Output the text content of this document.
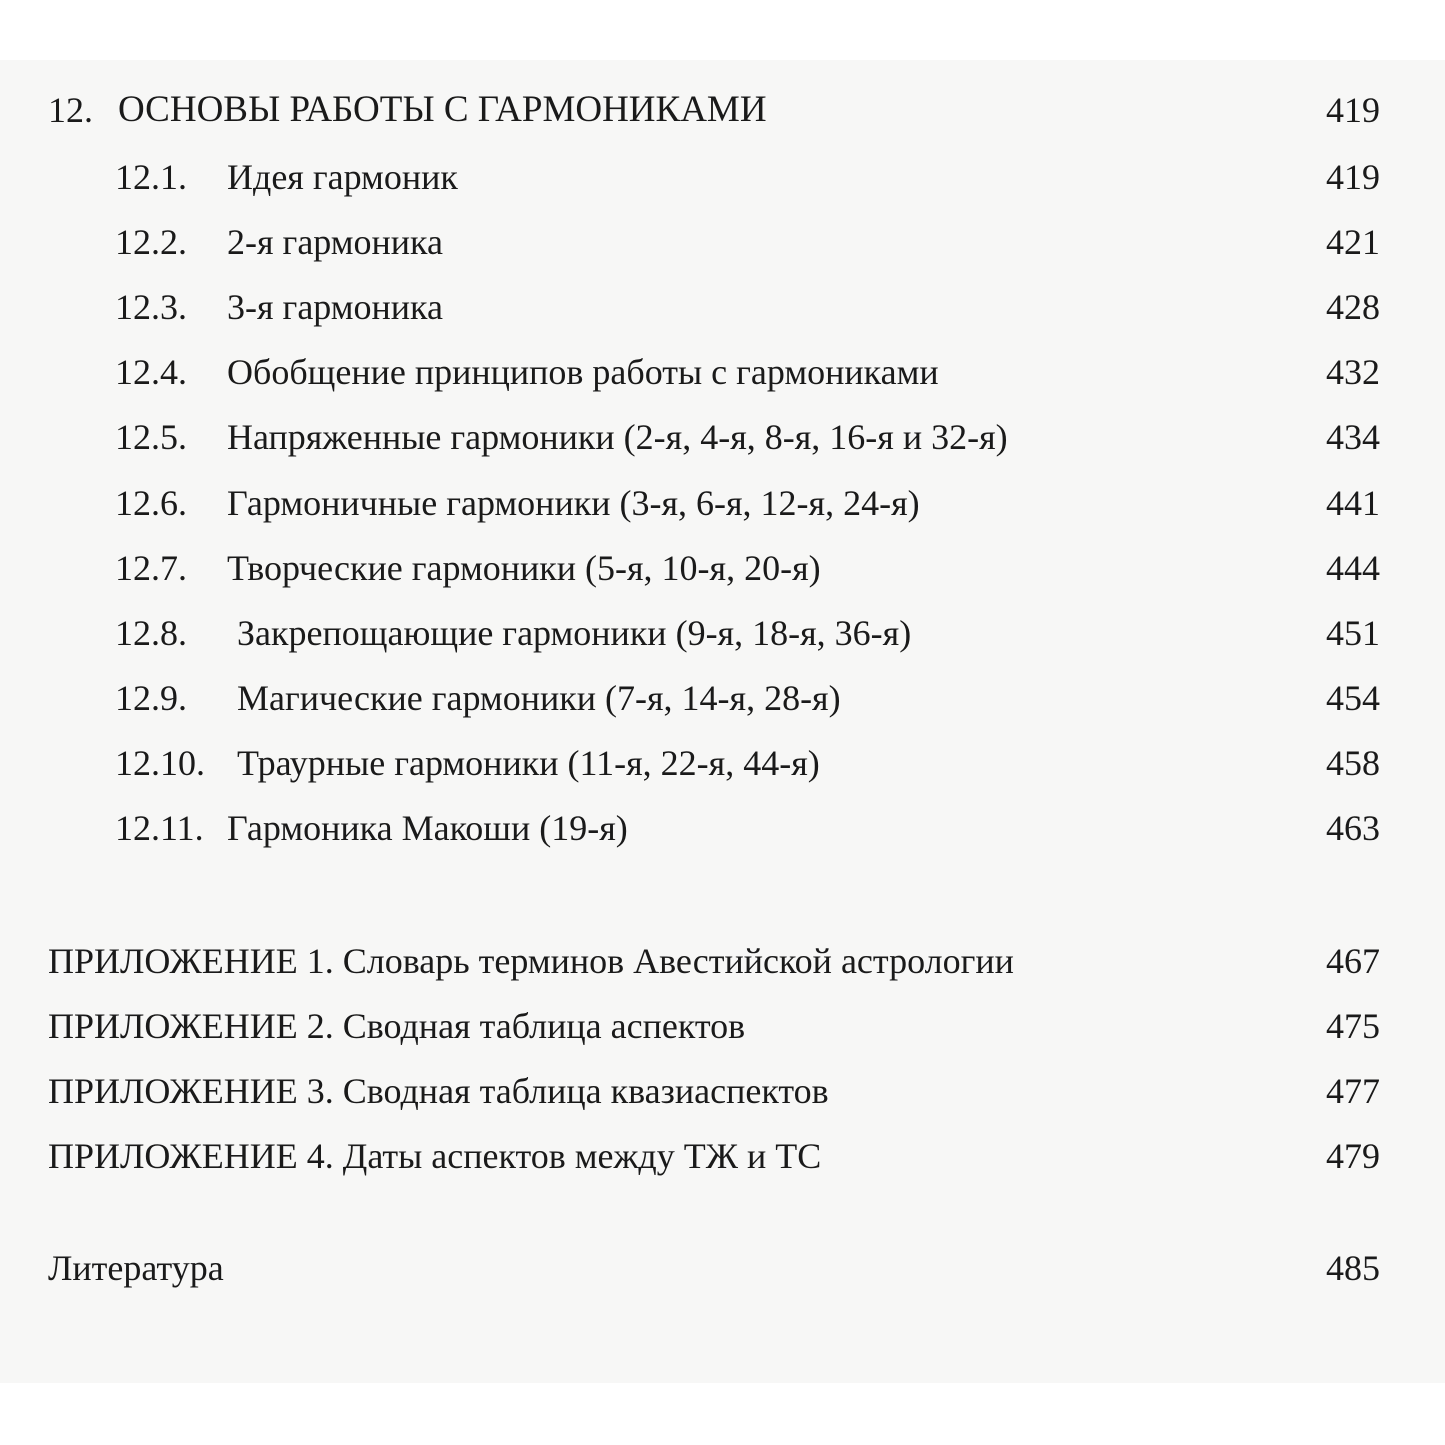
12. ОСНОВЫ РАБОТЫ С ГАРМОНИКАМИ	419
12.1. Идея гармоник	419
12.2. 2-я гармоника	421
12.3. 3-я гармоника	428
12.4. Обобщение принципов работы с гармониками	432
12.5. Напряженные гармоники (2-я, 4-я, 8-я, 16-я и 32-я)	434
12.6. Гармоничные гармоники (3-я, 6-я, 12-я, 24-я)	441
12.7. Творческие гармоники (5-я, 10-я, 20-я)	444
12.8. Закрепощающие гармоники (9-я, 18-я, 36-я)	451
12.9. Магические гармоники (7-я, 14-я, 28-я)	454
12.10. Траурные гармоники (11-я, 22-я, 44-я)	458
12.11. Гармоника Макоши (19-я)	463
ПРИЛОЖЕНИЕ 1. Словарь терминов Авестийской астрологии	467
ПРИЛОЖЕНИЕ 2. Сводная таблица аспектов	475
ПРИЛОЖЕНИЕ 3. Сводная таблица квазиаспектов	477
ПРИЛОЖЕНИЕ 4. Даты аспектов между ТЖ и ТС	479
Литература	485
